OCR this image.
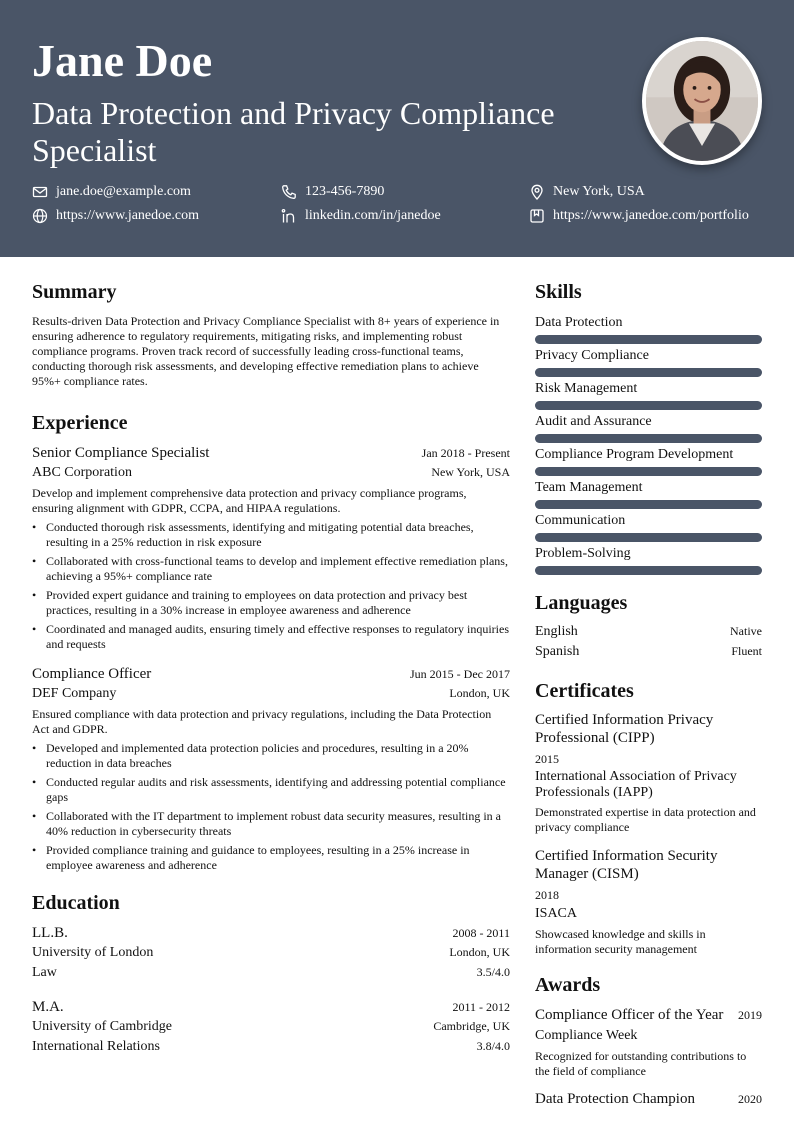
Jane Doe
Data Protection and Privacy Compliance Specialist
jane.doe@example.com	123-456-7890	New York, USA
https://www.janedoe.com	linkedin.com/in/janedoe	https://www.janedoe.com/portfolio
Summary
Results-driven Data Protection and Privacy Compliance Specialist with 8+ years of experience in ensuring adherence to regulatory requirements, mitigating risks, and implementing robust compliance programs. Proven track record of successfully leading cross-functional teams, conducting thorough risk assessments, and developing effective remediation plans to achieve 95%+ compliance rates.
Experience
Senior Compliance Specialist	Jan 2018 - Present
ABC Corporation	New York, USA
Develop and implement comprehensive data protection and privacy compliance programs, ensuring alignment with GDPR, CCPA, and HIPAA regulations.
• Conducted thorough risk assessments, identifying and mitigating potential data breaches, resulting in a 25% reduction in risk exposure
• Collaborated with cross-functional teams to develop and implement effective remediation plans, achieving a 95%+ compliance rate
• Provided expert guidance and training to employees on data protection and privacy best practices, resulting in a 30% increase in employee awareness and adherence
• Coordinated and managed audits, ensuring timely and effective responses to regulatory inquiries and requests
Compliance Officer	Jun 2015 - Dec 2017
DEF Company	London, UK
Ensured compliance with data protection and privacy regulations, including the Data Protection Act and GDPR.
• Developed and implemented data protection policies and procedures, resulting in a 20% reduction in data breaches
• Conducted regular audits and risk assessments, identifying and addressing potential compliance gaps
• Collaborated with the IT department to implement robust data security measures, resulting in a 40% reduction in cybersecurity threats
• Provided compliance training and guidance to employees, resulting in a 25% increase in employee awareness and adherence
Education
LL.B.	2008 - 2011
University of London	London, UK
Law	3.5/4.0
M.A.	2011 - 2012
University of Cambridge	Cambridge, UK
International Relations	3.8/4.0
Skills
Data Protection
Privacy Compliance
Risk Management
Audit and Assurance
Compliance Program Development
Team Management
Communication
Problem-Solving
Languages
English	Native
Spanish	Fluent
Certificates
Certified Information Privacy Professional (CIPP)
2015
International Association of Privacy Professionals (IAPP)
Demonstrated expertise in data protection and privacy compliance
Certified Information Security Manager (CISM)
2018
ISACA
Showcased knowledge and skills in information security management
Awards
Compliance Officer of the Year 2019
Compliance Week
Recognized for outstanding contributions to the field of compliance
Data Protection Champion	2020
